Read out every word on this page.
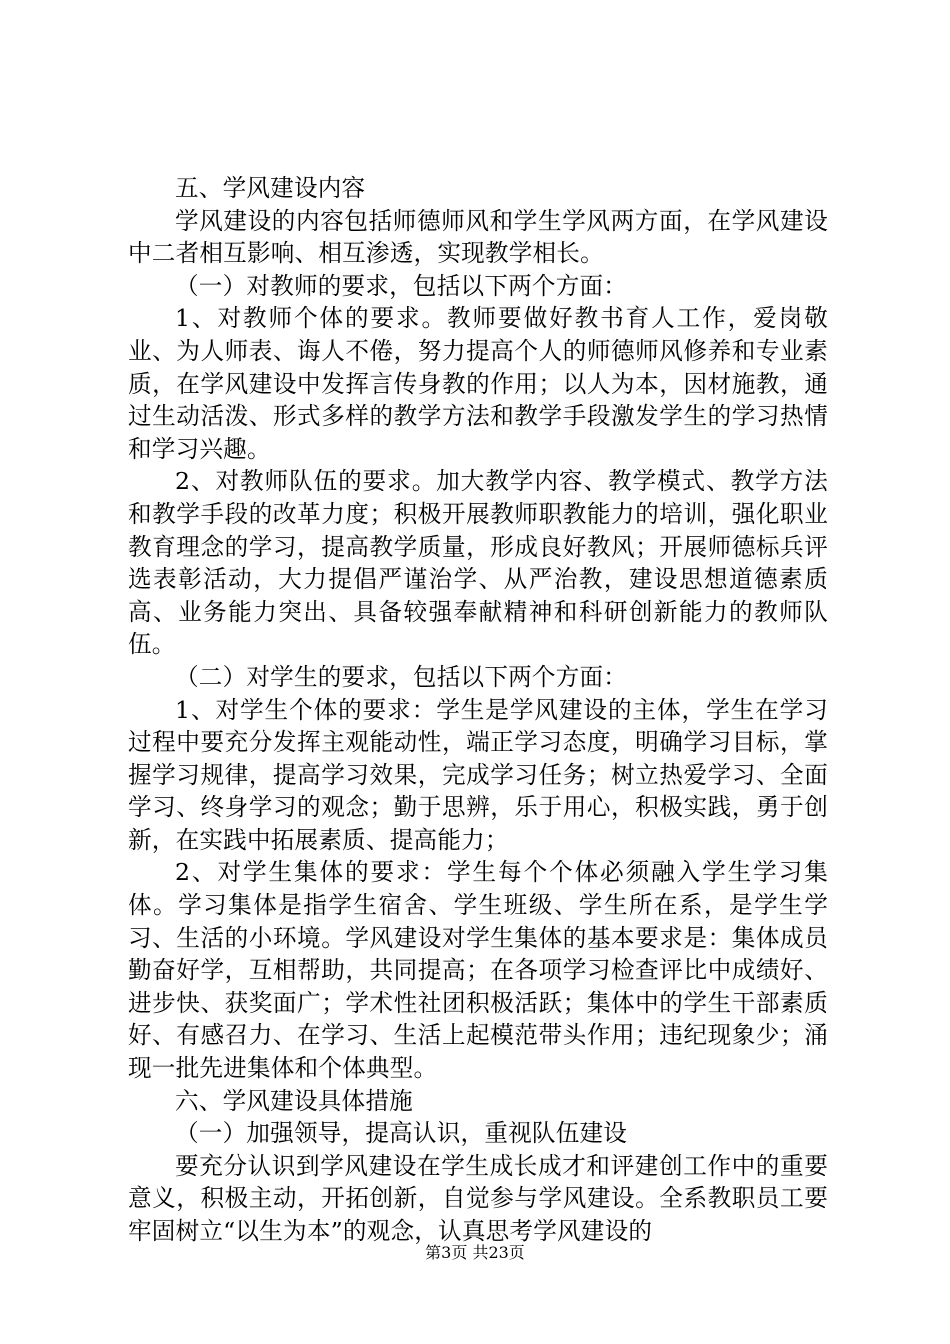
五、学风建设内容

学风建设的内容包括师德师风和学生学风两方面，在学风建设中二者相互影响、相互渗透，实现教学相长。

（一）对教师的要求，包括以下两个方面：

1、对教师个体的要求。教师要做好教书育人工作，爱岗敬业、为人师表、诲人不倦，努力提高个人的师德师风修养和专业素质，在学风建设中发挥言传身教的作用；以人为本，因材施教，通过生动活泼、形式多样的教学方法和教学手段激发学生的学习热情和学习兴趣。

2、对教师队伍的要求。加大教学内容、教学模式、教学方法和教学手段的改革力度；积极开展教师职教能力的培训，强化职业教育理念的学习，提高教学质量，形成良好教风；开展师德标兵评选表彰活动，大力提倡严谨治学、从严治教，建设思想道德素质高、业务能力突出、具备较强奉献精神和科研创新能力的教师队伍。

（二）对学生的要求，包括以下两个方面：

1、对学生个体的要求：学生是学风建设的主体，学生在学习过程中要充分发挥主观能动性，端正学习态度，明确学习目标，掌握学习规律，提高学习效果，完成学习任务；树立热爱学习、全面学习、终身学习的观念；勤于思辨，乐于用心，积极实践，勇于创新，在实践中拓展素质、提高能力；

2、对学生集体的要求：学生每个个体必须融入学生学习集体。学习集体是指学生宿舍、学生班级、学生所在系，是学生学习、生活的小环境。学风建设对学生集体的基本要求是：集体成员勤奋好学，互相帮助，共同提高；在各项学习检查评比中成绩好、进步快、获奖面广；学术性社团积极活跃；集体中的学生干部素质好、有感召力、在学习、生活上起模范带头作用；违纪现象少；涌现一批先进集体和个体典型。

六、学风建设具体措施

（一）加强领导，提高认识，重视队伍建设

要充分认识到学风建设在学生成长成才和评建创工作中的重要意义，积极主动，开拓创新，自觉参与学风建设。全系教职员工要牢固树立“以生为本”的观念，认真思考学风建设的

第3页 共23页
